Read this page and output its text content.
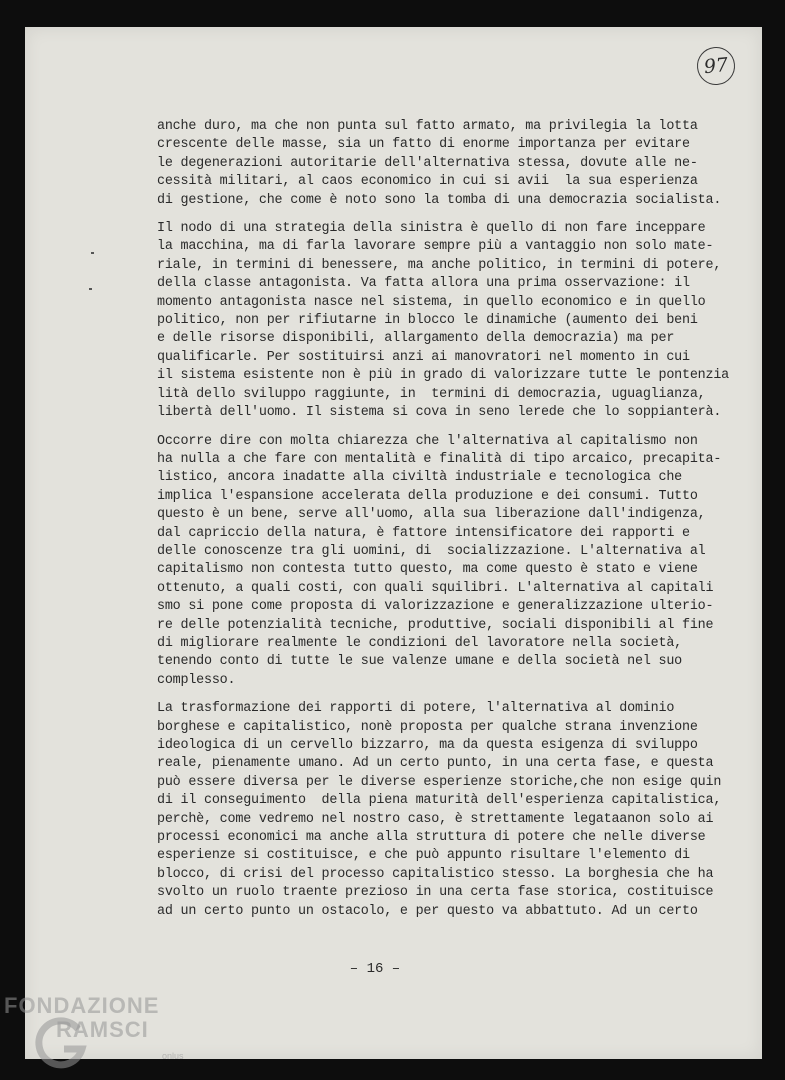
97
anche duro, ma che non punta sul fatto armato, ma privilegia la lotta
crescente delle masse, sia un fatto di enorme importanza per evitare
le degenerazioni autoritarie dell'alternativa stessa, dovute alle ne-
cessità militari, al caos economico in cui si avii  la sua esperienza
di gestione, che come è noto sono la tomba di una democrazia socialista.
Il nodo di una strategia della sinistra è quello di non fare inceppare
la macchina, ma di farla lavorare sempre più a vantaggio non solo mate-
riale, in termini di benessere, ma anche politico, in termini di potere,
della classe antagonista. Va fatta allora una prima osservazione: il
momento antagonista nasce nel sistema, in quello economico e in quello
politico, non per rifiutarne in blocco le dinamiche (aumento dei beni
e delle risorse disponibili, allargamento della democrazia) ma per
qualificarle. Per sostituirsi anzi ai manovratori nel momento in cui
il sistema esistente non è più in grado di valorizzare tutte le pontenzia
lità dello sviluppo raggiunte, in  termini di democrazia, uguaglianza,
libertà dell'uomo. Il sistema si cova in seno lerede che lo soppianterà.
Occorre dire con molta chiarezza che l'alternativa al capitalismo non
ha nulla a che fare con mentalità e finalità di tipo arcaico, precapita-
listico, ancora inadatte alla civiltà industriale e tecnologica che
implica l'espansione accelerata della produzione e dei consumi. Tutto
questo è un bene, serve all'uomo, alla sua liberazione dall'indigenza,
dal capriccio della natura, è fattore intensificatore dei rapporti e
delle conoscenze tra gli uomini, di  socializzazione. L'alternativa al
capitalismo non contesta tutto questo, ma come questo è stato e viene
ottenuto, a quali costi, con quali squilibri. L'alternativa al capitali
smo si pone come proposta di valorizzazione e generalizzazione ulterio-
re delle potenzialità tecniche, produttive, sociali disponibili al fine
di migliorare realmente le condizioni del lavoratore nella società,
tenendo conto di tutte le sue valenze umane e della società nel suo
complesso.
La trasformazione dei rapporti di potere, l'alternativa al dominio
borghese e capitalistico, nonè proposta per qualche strana invenzione
ideologica di un cervello bizzarro, ma da questa esigenza di sviluppo
reale, pienamente umano. Ad un certo punto, in una certa fase, e questa
può essere diversa per le diverse esperienze storiche,che non esige quin
di il conseguimento  della piena maturità dell'esperienza capitalistica,
perchè, come vedremo nel nostro caso, è strettamente legataanon solo ai
processi economici ma anche alla struttura di potere che nelle diverse
esperienze si costituisce, e che può appunto risultare l'elemento di
blocco, di crisi del processo capitalistico stesso. La borghesia che ha
svolto un ruolo traente prezioso in una certa fase storica, costituisce
ad un certo punto un ostacolo, e per questo va abbattuto. Ad un certo
– 16 –
FONDAZIONE
RAMSCI
onlus
